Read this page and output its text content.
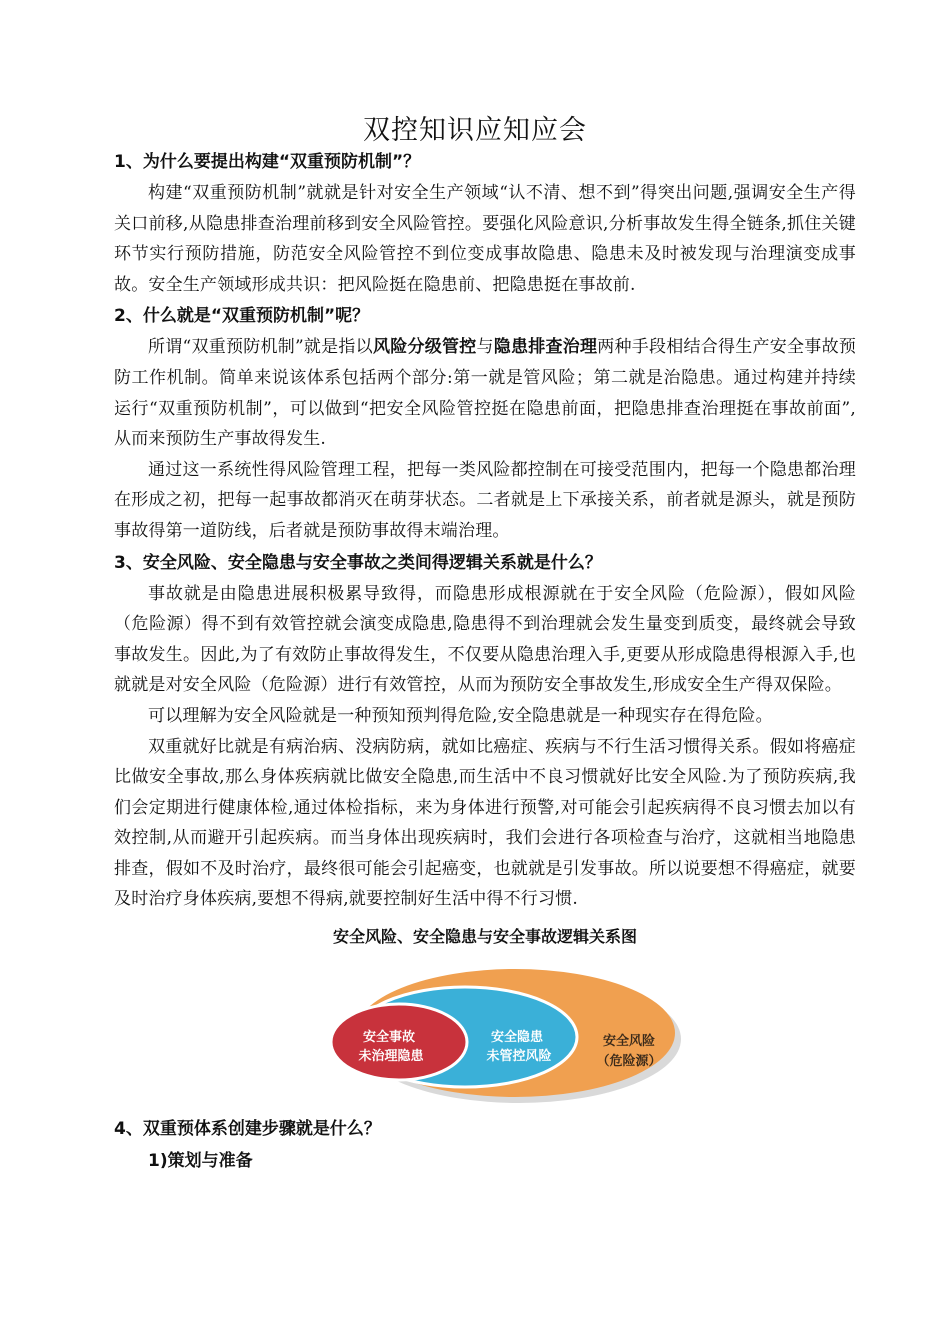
双控知识应知应会

1、为什么要提出构建“双重预防机制”？

构建“双重预防机制”就就是针对安全生产领域“认不清、想不到”得突出问题,强调安全生产得关口前移,从隐患排查治理前移到安全风险管控。要强化风险意识,分析事故发生得全链条,抓住关键环节实行预防措施，防范安全风险管控不到位变成事故隐患、隐患未及时被发现与治理演变成事故。安全生产领域形成共识：把风险挺在隐患前、把隐患挺在事故前.

2、什么就是“双重预防机制”呢？

所谓“双重预防机制”就是指以风险分级管控与隐患排查治理两种手段相结合得生产安全事故预防工作机制。简单来说该体系包括两个部分:第一就是管风险；第二就是治隐患。通过构建并持续运行“双重预防机制”，可以做到“把安全风险管控挺在隐患前面，把隐患排查治理挺在事故前面”,从而来预防生产事故得发生.

通过这一系统性得风险管理工程，把每一类风险都控制在可接受范围内，把每一个隐患都治理在形成之初，把每一起事故都消灭在萌芽状态。二者就是上下承接关系，前者就是源头，就是预防事故得第一道防线，后者就是预防事故得末端治理。

3、安全风险、安全隐患与安全事故之类间得逻辑关系就是什么？

事故就是由隐患进展积极累导致得，而隐患形成根源就在于安全风险（危险源），假如风险（危险源）得不到有效管控就会演变成隐患,隐患得不到治理就会发生量变到质变，最终就会导致事故发生。因此,为了有效防止事故得发生，不仅要从隐患治理入手,更要从形成隐患得根源入手,也就就是对安全风险（危险源）进行有效管控，从而为预防安全事故发生,形成安全生产得双保险。

可以理解为安全风险就是一种预知预判得危险,安全隐患就是一种现实存在得危险。

双重就好比就是有病治病、没病防病，就如比癌症、疾病与不行生活习惯得关系。假如将癌症比做安全事故,那么身体疾病就比做安全隐患,而生活中不良习惯就好比安全风险.为了预防疾病,我们会定期进行健康体检,通过体检指标，来为身体进行预警,对可能会引起疾病得不良习惯去加以有效控制,从而避开引起疾病。而当身体出现疾病时，我们会进行各项检查与治疗，这就相当地隐患排查，假如不及时治疗，最终很可能会引起癌变，也就就是引发事故。所以说要想不得癌症，就要及时治疗身体疾病,要想不得病,就要控制好生活中得不行习惯.

安全风险、安全隐患与安全事故逻辑关系图

安全事故
未治理隐患
安全隐患
未管控风险
安全风险
（危险源）

4、双重预体系创建步骤就是什么？

1)策划与准备
